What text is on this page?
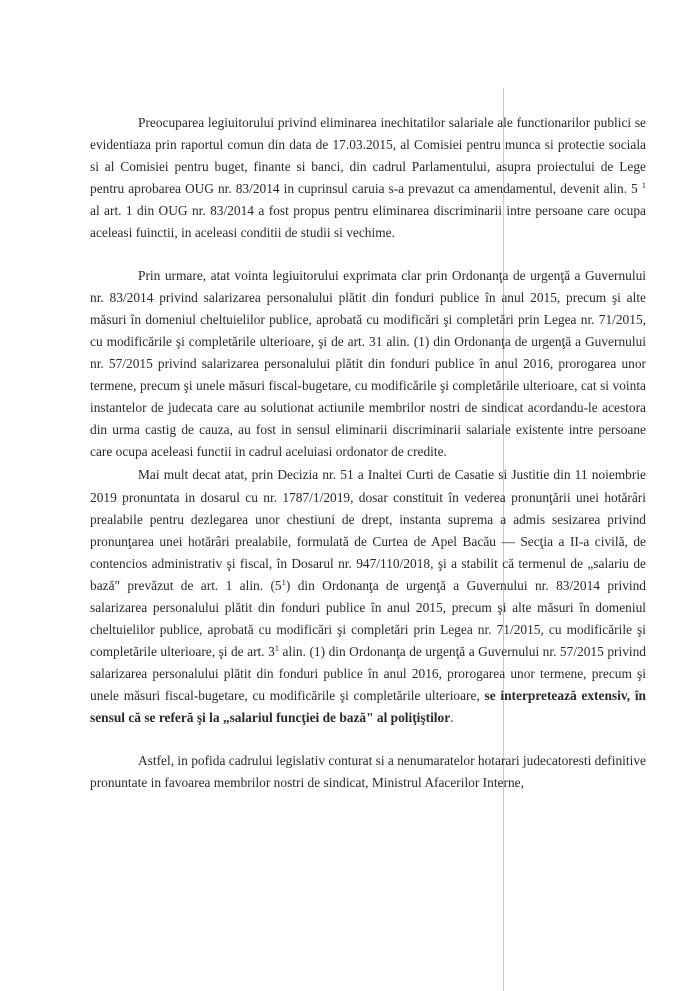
Preocuparea legiuitorului privind eliminarea inechitatilor salariale ale functionarilor publici se evidentiaza prin raportul comun din data de 17.03.2015, al Comisiei pentru munca si protectie sociala si al Comisiei pentru buget, finante si banci, din cadrul Parlamentului, asupra proiectului de Lege pentru aprobarea OUG nr. 83/2014 in cuprinsul caruia s-a prevazut ca amendamentul, devenit alin. 5 $^1$ al art. 1 din OUG nr. 83/2014 a fost propus pentru eliminarea discriminarii intre persoane care ocupa aceleasi fuinctii, in aceleasi conditii de studii si vechime.

Prin urmare, atat vointa legiuitorului exprimata clar prin Ordonanţa de urgenţă a Guvernului nr. 83/2014 privind salarizarea personalului plătit din fonduri publice în anul 2015, precum şi alte măsuri în domeniul cheltuielilor publice, aprobată cu modificări şi completări prin Legea nr. 71/2015, cu modificările şi completările ulterioare, şi de art. 31 alin. (1) din Ordonanţa de urgenţă a Guvernului nr. 57/2015 privind salarizarea personalului plătit din fonduri publice în anul 2016, prorogarea unor termene, precum şi unele măsuri fiscal-bugetare, cu modificările şi completările ulterioare, cat si vointa instantelor de judecata care au solutionat actiunile membrilor nostri de sindicat acordandu-le acestora din urma castig de cauza, au fost in sensul eliminarii discriminarii salariale existente intre persoane care ocupa aceleasi functii in cadrul aceluiasi ordonator de credite.

Mai mult decat atat, prin Decizia nr. 51 a Inaltei Curti de Casatie si Justitie din 11 noiembrie 2019 pronuntata in dosarul cu nr. 1787/1/2019, dosar constituit în vederea pronunţării unei hotărâri prealabile pentru dezlegarea unor chestiuni de drept, instanta suprema a admis sesizarea privind pronunţarea unei hotărâri prealabile, formulată de Curtea de Apel Bacău — Secţia a II-a civilă, de contencios administrativ şi fiscal, în Dosarul nr. 947/110/2018, şi a stabilit că termenul de „salariu de bază" prevăzut de art. 1 alin. $(5^1)$ din Ordonanţa de urgenţă a Guvernului nr. 83/2014 privind salarizarea personalului plătit din fonduri publice în anul 2015, precum şi alte măsuri în domeniul cheltuielilor publice, aprobată cu modificări şi completări prin Legea nr. 71/2015, cu modificările şi completările ulterioare, şi de art. $3^1$ alin. (1) din Ordonanţa de urgenţă a Guvernului nr. 57/2015 privind salarizarea personalului plătit din fonduri publice în anul 2016, prorogarea unor termene, precum şi unele măsuri fiscal-bugetare, cu modificările şi completările ulterioare, se interpretează extensiv, în sensul că se referă şi la „salariul funcţiei de bază" al poliţiştilor.

Astfel, in pofida cadrului legislativ conturat si a nenumaratelor hotarari judecatoresti definitive pronuntate in favoarea membrilor nostri de sindicat, Ministrul Afacerilor Interne,
